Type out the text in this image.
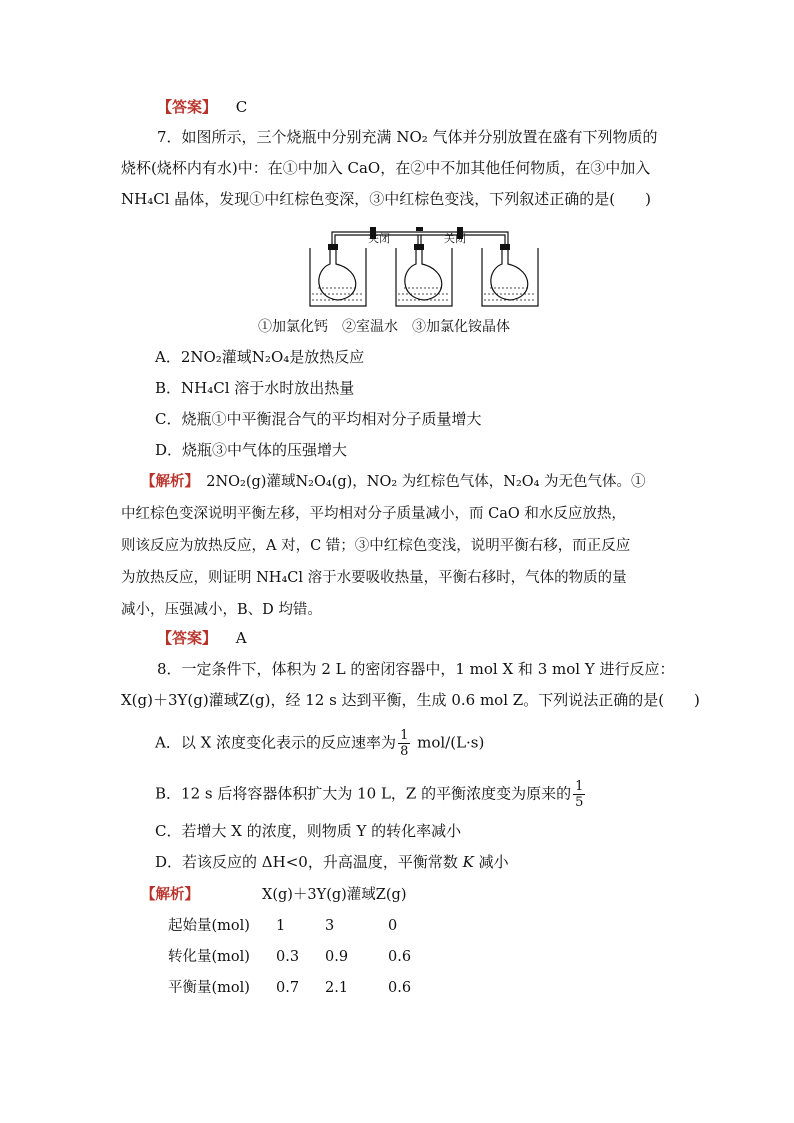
【答案】 C
7．如图所示，三个烧瓶中分别充满 NO₂ 气体并分别放置在盛有下列物质的
烧杯(烧杯内有水)中：在①中加入 CaO，在②中不加其他任何物质，在③中加入
NH₄Cl 晶体，发现①中红棕色变深，③中红棕色变浅，下列叙述正确的是(　　)
关闭	关闭
①加氯化钙　②室温水　③加氯化铵晶体
A．2NO₂灌琙N₂O₄是放热反应
B．NH₄Cl 溶于水时放出热量
C．烧瓶①中平衡混合气的平均相对分子质量增大
D．烧瓶③中气体的压强增大
【解析】　2NO₂(g)灌琙N₂O₄(g)，NO₂ 为红棕色气体，N₂O₄ 为无色气体。①
中红棕色变深说明平衡左移，平均相对分子质量减小，而 CaO 和水反应放热，
则该反应为放热反应，A 对，C 错；③中红棕色变浅，说明平衡右移，而正反应
为放热反应，则证明 NH₄Cl 溶于水要吸收热量，平衡右移时，气体的物质的量
减小，压强减小，B、D 均错。
【答案】 A
8．一定条件下，体积为 2 L 的密闭容器中，1 mol X 和 3 mol Y 进行反应：
X(g)＋3Y(g)灌琙Z(g)，经 12 s 达到平衡，生成 0.6 mol Z。下列说法正确的是(　　)
A．以 X 浓度变化表示的反应速率为 $\frac{1}{8} mol/(L\cdot s)$
B．12 s 后将容器体积扩大为 10 L，Z 的平衡浓度变为原来的 $\frac{1}{5}$
C．若增大 X 的浓度，则物质 Y 的转化率减小
D．若该反应的 ΔH<0，升高温度，平衡常数 K 减小
【解析】	X(g)＋3Y(g)灌琙Z(g)
起始量(mol) 1	3	0
转化量(mol) 0.3 0.9	0.6
平衡量(mol) 0.7 2.1	0.6
